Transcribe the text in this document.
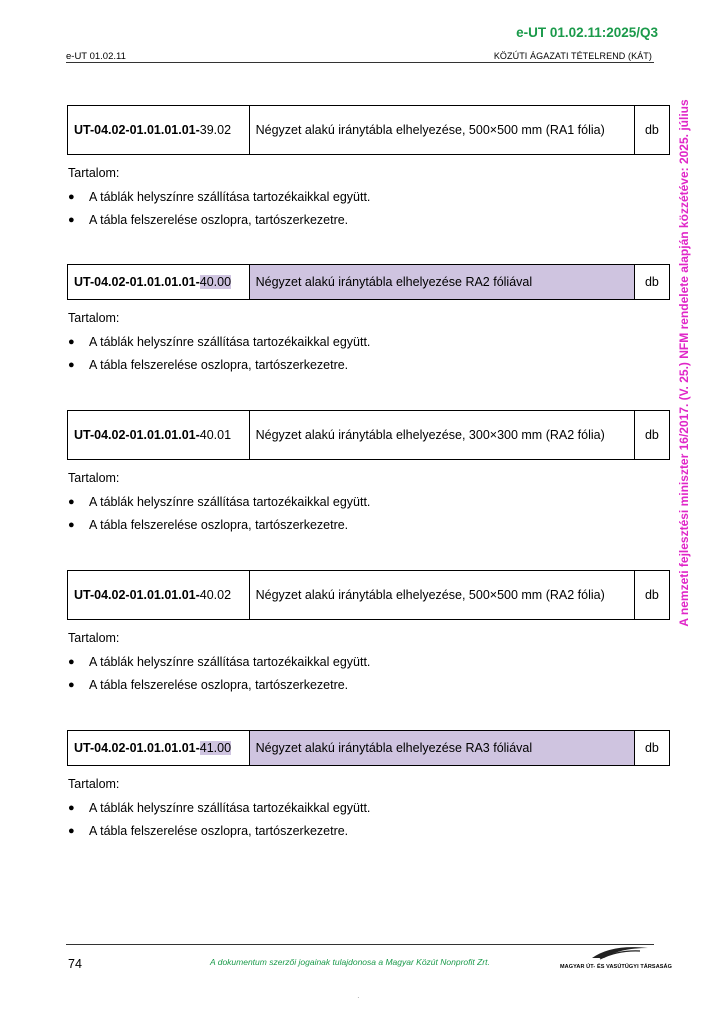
e-UT 01.02.11:2025/Q3
e-UT 01.02.11	KÖZÚTI ÁGAZATI TÉTELREND (KÁT)
A nemzeti fejlesztési miniszter 16/2017. (V. 25.) NFM rendelete alapján közzétéve: 2025. július
UT-04.02-01.01.01.01-39.02	Négyzet alakú iránytábla elhelyezése, 500×500 mm (RA1 fólia)	db
Tartalom:
● A táblák helyszínre szállítása tartozékaikkal együtt.
● A tábla felszerelése oszlopra, tartószerkezetre.
UT-04.02-01.01.01.01-40.00	Négyzet alakú iránytábla elhelyezése RA2 fóliával	db
Tartalom:
● A táblák helyszínre szállítása tartozékaikkal együtt.
● A tábla felszerelése oszlopra, tartószerkezetre.
UT-04.02-01.01.01.01-40.01	Négyzet alakú iránytábla elhelyezése, 300×300 mm (RA2 fólia)	db
Tartalom:
● A táblák helyszínre szállítása tartozékaikkal együtt.
● A tábla felszerelése oszlopra, tartószerkezetre.
UT-04.02-01.01.01.01-40.02	Négyzet alakú iránytábla elhelyezése, 500×500 mm (RA2 fólia)	db
Tartalom:
● A táblák helyszínre szállítása tartozékaikkal együtt.
● A tábla felszerelése oszlopra, tartószerkezetre.
UT-04.02-01.01.01.01-41.00	Négyzet alakú iránytábla elhelyezése RA3 fóliával	db
Tartalom:
● A táblák helyszínre szállítása tartozékaikkal együtt.
● A tábla felszerelése oszlopra, tartószerkezetre.
74	A dokumentum szerzői jogainak tulajdonosa a Magyar Közút Nonprofit Zrt.	MAGYAR ÚT- ÉS VASÚTÜGYI TÁRSASÁG
·
